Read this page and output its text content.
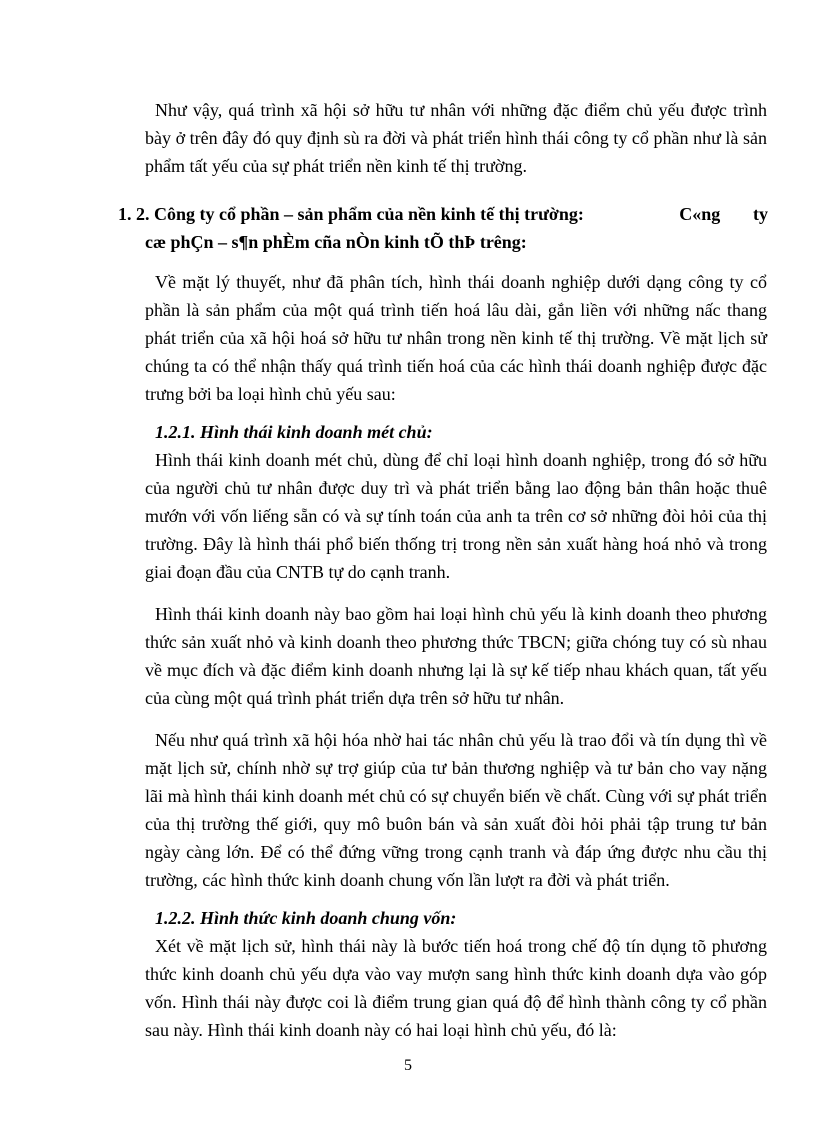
Như vậy, quá trình xã hội sở hữu tư nhân với những đặc điểm chủ yếu được trình bày ở trên đây đó quy định sù ra đời và phát triển hình thái công ty cổ phần như là sản phẩm tất yếu của sự phát triển nền kinh tế thị trường.

1. 2. Công ty cổ phần – sản phẩm của nền kinh tế thị trường:	C«ng ty
cæ phÇn – s¶n phÈm cña nÒn kinh tÕ thÞ trêng:

Về mặt lý thuyết, như đã phân tích, hình thái doanh nghiệp dưới dạng công ty cổ phần là sản phẩm của một quá trình tiến hoá lâu dài, gắn liền với những nấc thang phát triển của xã hội hoá sở hữu tư nhân trong nền kinh tế thị trường. Về mặt lịch sử chúng ta có thể nhận thấy quá trình tiến hoá của các hình thái doanh nghiệp được đặc trưng bởi ba loại hình chủ yếu sau:

1.2.1. Hình thái kinh doanh mét chủ:

Hình thái kinh doanh mét chủ, dùng để chỉ loại hình doanh nghiệp, trong đó sở hữu của người chủ tư nhân được duy trì và phát triển bằng lao động bản thân hoặc thuê mướn với vốn liếng sẵn có và sự tính toán của anh ta trên cơ sở những đòi hỏi của thị trường. Đây là hình thái phổ biến thống trị trong nền sản xuất hàng hoá nhỏ và trong giai đoạn đầu của CNTB tự do cạnh tranh.

Hình thái kinh doanh này bao gồm hai loại hình chủ yếu là kinh doanh theo phương thức sản xuất nhỏ và kinh doanh theo phương thức TBCN; giữa chóng tuy có sù nhau về mục đích và đặc điểm kinh doanh nhưng lại là sự kế tiếp nhau khách quan, tất yếu của cùng một quá trình phát triển dựa trên sở hữu tư nhân.

Nếu như quá trình xã hội hóa nhờ hai tác nhân chủ yếu là trao đổi và tín dụng thì về mặt lịch sử, chính nhờ sự trợ giúp của tư bản thương nghiệp và tư bản cho vay nặng lãi mà hình thái kinh doanh mét chủ có sự chuyển biến về chất. Cùng với sự phát triển của thị trường thế giới, quy mô buôn bán và sản xuất đòi hỏi phải tập trung tư bản ngày càng lớn. Để có thể đứng vững trong cạnh tranh và đáp ứng được nhu cầu thị trường, các hình thức kinh doanh chung vốn lần lượt ra đời và phát triển.

1.2.2. Hình thức kinh doanh chung vốn:

Xét về mặt lịch sử, hình thái này là bước tiến hoá trong chế độ tín dụng tõ phương thức kinh doanh chủ yếu dựa vào vay mượn sang hình thức kinh doanh dựa vào góp vốn. Hình thái này được coi là điểm trung gian quá độ để hình thành công ty cổ phần sau này. Hình thái kinh doanh này có hai loại hình chủ yếu, đó là:

5
